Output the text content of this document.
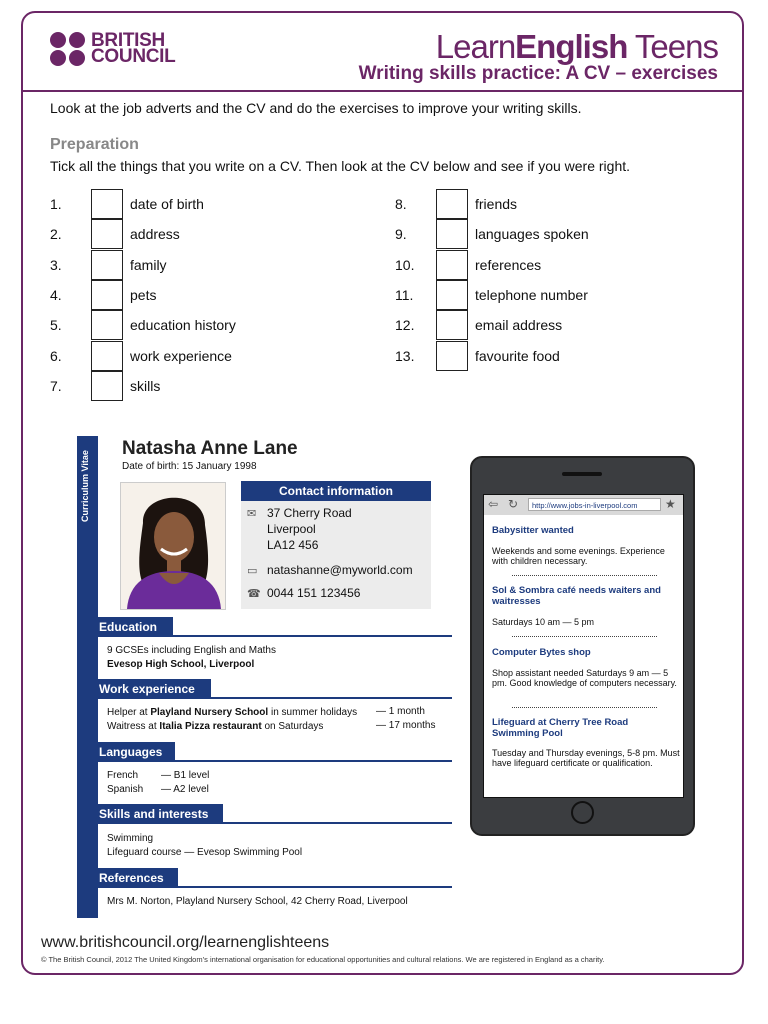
BRITISH
COUNCIL	LearnEnglish Teens
Writing skills practice: A CV – exercises
Look at the job adverts and the CV and do the exercises to improve your writing skills.
Preparation
Tick all the things that you write on a CV. Then look at the CV below and see if you were right.
1.	date of birth
2.	address
3.	family
4.	pets
5.	education history
6.	work experience
7.	skills
8.	friends
9.	languages spoken
10.	references
11.	telephone number
12.	email address
13.	favourite food
Curriculum Vitae
Natasha Anne Lane
Date of birth: 15 January 1998
Contact information
✉ 37 Cherry Road
Liverpool
LA12 456
▭ natashanne@myworld.com
☎ 0044 151 123456
Education
9 GCSEs including English and Maths
Evesop High School, Liverpool
Work experience
Helper at Playland Nursery School in summer holidays — 1 month
Waitress at Italia Pizza restaurant on Saturdays	— 17 months
Languages
French — B1 level
Spanish — A2 level
Skills and interests
Swimming
Lifeguard course — Evesop Swimming Pool
References
Mrs M. Norton, Playland Nursery School, 42 Cherry Road, Liverpool
⇦ ↻	http://www.jobs-in-liverpool.com	★
Babysitter wanted
Weekends and some evenings. Experience with children necessary.
Sol & Sombra café needs waiters and waitresses
Saturdays 10 am — 5 pm
Computer Bytes shop
Shop assistant needed Saturdays 9 am — 5 pm. Good knowledge of computers necessary.
Lifeguard at Cherry Tree Road Swimming Pool
Tuesday and Thursday evenings, 5-8 pm. Must have lifeguard certificate or qualification.
www.britishcouncil.org/learnenglishteens
© The British Council, 2012 The United Kingdom’s international organisation for educational opportunities and cultural relations. We are registered in England as a charity.
